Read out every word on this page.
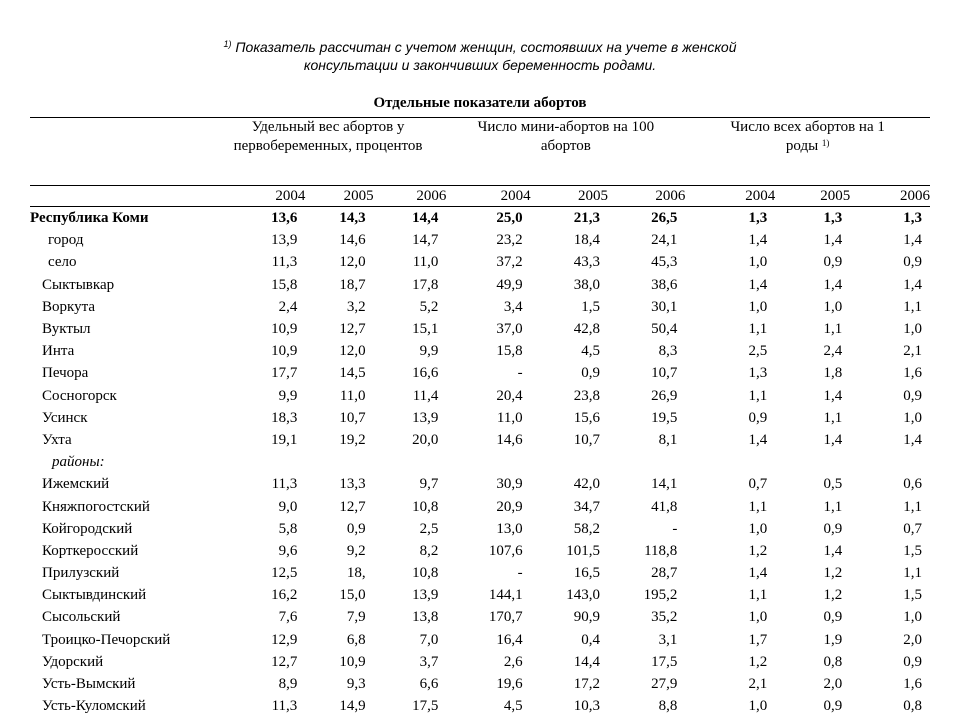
$^{1)}$ Показатель рассчитан с учетом женщин, состоявших на учете в женской
консультации и закончивших беременность родами.
Отдельные показатели абортов
	Удельный вес абортов у первобеременных, процентов			Число мини-абортов на 100 абортов			Число всех абортов на 1 роды $^{1)}$
	2004	2005	2006	2004	2005	2006	2004	2005	2006
Республика Коми	13,6	14,3	14,4	25,0	21,3	26,5	1,3	1,3	1,3
город	13,9	14,6	14,7	23,2	18,4	24,1	1,4	1,4	1,4
село	11,3	12,0	11,0	37,2	43,3	45,3	1,0	0,9	0,9
Сыктывкар	15,8	18,7	17,8	49,9	38,0	38,6	1,4	1,4	1,4
Воркута	2,4	3,2	5,2	3,4	1,5	30,1	1,0	1,0	1,1
Вуктыл	10,9	12,7	15,1	37,0	42,8	50,4	1,1	1,1	1,0
Инта	10,9	12,0	9,9	15,8	4,5	8,3	2,5	2,4	2,1
Печора	17,7	14,5	16,6	-	0,9	10,7	1,3	1,8	1,6
Сосногорск	9,9	11,0	11,4	20,4	23,8	26,9	1,1	1,4	0,9
Усинск	18,3	10,7	13,9	11,0	15,6	19,5	0,9	1,1	1,0
Ухта	19,1	19,2	20,0	14,6	10,7	8,1	1,4	1,4	1,4
районы:									
Ижемский	11,3	13,3	9,7	30,9	42,0	14,1	0,7	0,5	0,6
Княжпогостский	9,0	12,7	10,8	20,9	34,7	41,8	1,1	1,1	1,1
Койгородский	5,8	0,9	2,5	13,0	58,2	-	1,0	0,9	0,7
Корткеросский	9,6	9,2	8,2	107,6	101,5	118,8	1,2	1,4	1,5
Прилузский	12,5	18,	10,8	-	16,5	28,7	1,4	1,2	1,1
Сыктывдинский	16,2	15,0	13,9	144,1	143,0	195,2	1,1	1,2	1,5
Сысольский	7,6	7,9	13,8	170,7	90,9	35,2	1,0	0,9	1,0
Троицко-Печорский	12,9	6,8	7,0	16,4	0,4	3,1	1,7	1,9	2,0
Удорский	12,7	10,9	3,7	2,6	14,4	17,5	1,2	0,8	0,9
Усть-Вымский	8,9	9,3	6,6	19,6	17,2	27,9	2,1	2,0	1,6
Усть-Куломский	11,3	14,9	17,5	4,5	10,3	8,8	1,0	0,9	0,8
